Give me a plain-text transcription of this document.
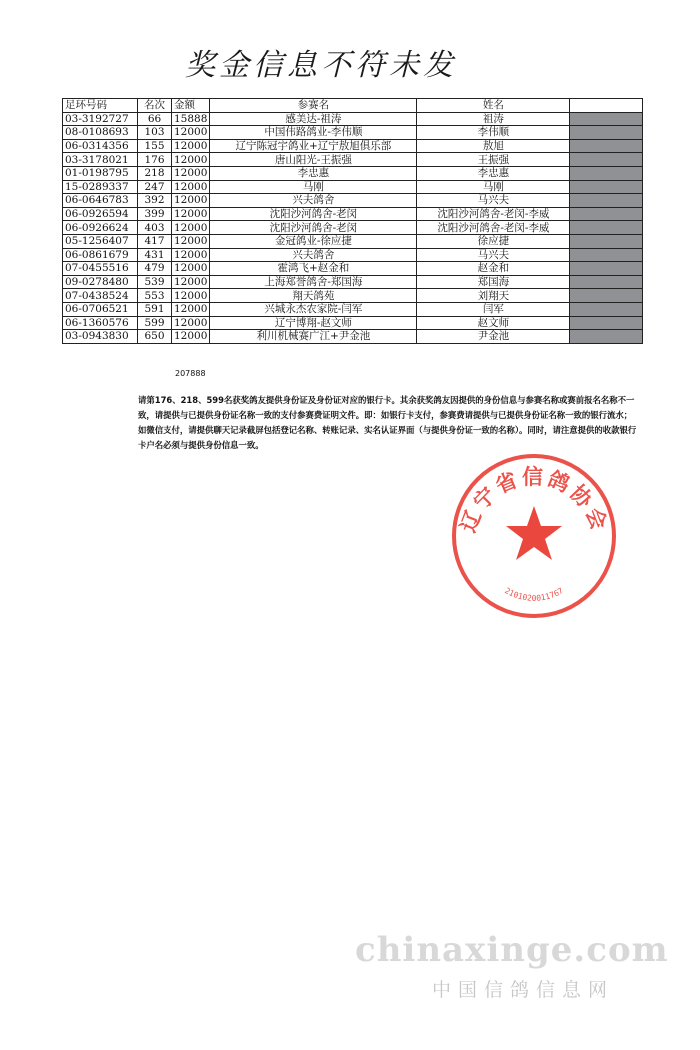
奖金信息不符未发
足环号码	名次	金额	参赛名	姓名	
03-3192727	66	15888	感美达-祖涛	祖涛	
08-0108693	103	12000	中国伟路鸽业-李伟顺	李伟顺	
06-0314356	155	12000	辽宁陈冠宇鸽业+辽宁敖旭俱乐部	敖旭	
03-3178021	176	12000	唐山阳光-王振强	王振强	
01-0198795	218	12000	李忠惠	李忠惠	
15-0289337	247	12000	马刚	马刚	
06-0646783	392	12000	兴夫鸽舍	马兴夫	
06-0926594	399	12000	沈阳沙河鸽舍-老闵	沈阳沙河鸽舍-老闵-李威	
06-0926624	403	12000	沈阳沙河鸽舍-老闵	沈阳沙河鸽舍-老闵-李威	
05-1256407	417	12000	金冠鸽业-徐应捷	徐应捷	
06-0861679	431	12000	兴夫鸽舍	马兴夫	
07-0455516	479	12000	霍鸿飞+赵金和	赵金和	
09-0278480	539	12000	上海郑誉鸽舍-郑国海	郑国海	
07-0438524	553	12000	翔天鸽苑	刘翔天	
06-0706521	591	12000	兴城永杰农家院-闫军	闫军	
06-1360576	599	12000	辽宁博翔-赵文师	赵文师	
03-0943830	650	12000	利川机械赛广江+尹金池	尹金池	
207888
请第176、218、599名获奖鸽友提供身份证及身份证对应的银行卡。其余获奖鸽友因提供的身份信息与参赛名称或赛前报名名称不一致，请提供与已提供身份证名称一致的支付参赛费证明文件。即：如银行卡支付，参赛费请提供与已提供身份证名称一致的银行流水；如微信支付，请提供聊天记录截屏包括登记名称、转账记录、实名认证界面（与提供身份证一致的名称）。同时，请注意提供的收款银行卡户名必须与提供身份信息一致。
辽宁省信鸽协会
2101020011767
chinaxinge.com
中国信鸽信息网
